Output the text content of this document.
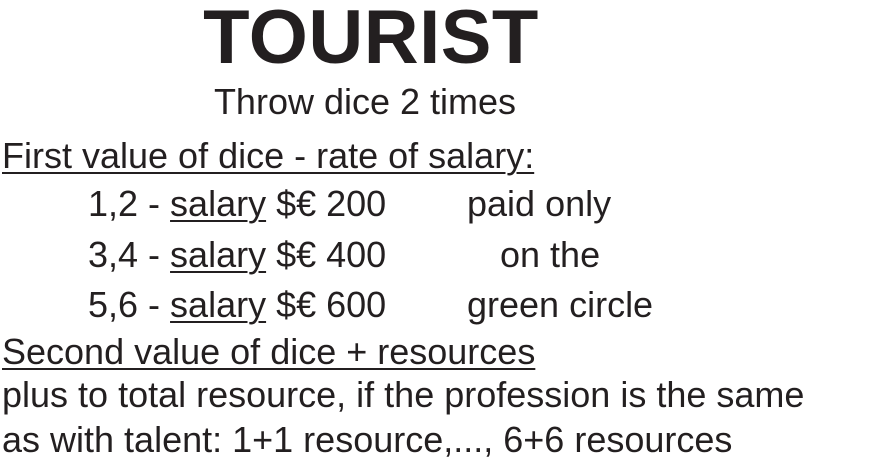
TOURIST
Throw dice 2 times
First value of dice - rate of salary:
1,2 - salary $€ 200
3,4 - salary $€ 400
5,6 - salary $€ 600
paid only
on the
green circle
Second value of dice + resources
plus to total resource, if the profession is the same
as with talent: 1+1 resource,..., 6+6 resources
